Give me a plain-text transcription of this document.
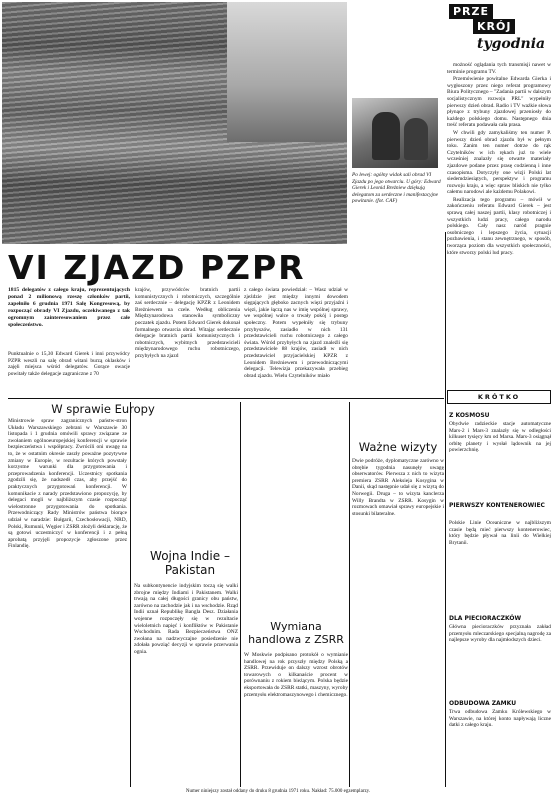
Po lewej: ogólny widok sali obrad VI Zjazdu po jego otwarciu. U góry: Edward Gierek i Leonid Breżniew dziękują delegatom za serdeczne i manifestacyjne powitanie. (fot. CAF)
PRZE
KRÓJ
tygodnia

możność oglądania tych transmisji nawet w terminie programu TV.

Przemówienie powitalne Edwarda Gierka i wygłoszony przez niego referat programowy Biura Politycznego – "Zadania partii w dalszym socjalistycznym rozwoju PRL" wypełniły pierwszy dzień obrad. Radio i TV ważkie słowa płynące z trybuny zjazdowej przeniosły do każdego polskiego domu. Następnego dnia treść referatu podawała cała prasa.

W chwili gdy zamykaliśmy ten numer P. pierwszy dzień obrad zjazdu był w pełnym toku. Zanim ten numer dotrze do rąk Czytelników w ich rękach już to wiele wcześniej znalazły się otwarte materiały zjazdowe podane przez prasę codzienną i inne czasopisma. Dotyczyły one wizji Polski lat siedemdziesiątych, perspektyw i programu rozwoju kraju, a więc spraw bliskich nie tylko całemu narodowi ale każdemu Polakowi.

Realizacja tego programu – mówił w zakończeniu referatu Edward Gierek – jest sprawą całej naszej partii, klasy robotniczej i wszystkich ludzi pracy, całego narodu polskiego. Cały nasz naród pragnie osobniczego i lepszego życia, sytuacji pozbawienia, i stanu zewnętrznego, w sposób, tworząca poziom dla wszystkich społeczności, które stworzy polski lud pracy.

VI ZJAZD PZPR
1815 delegatów z całego kraju, reprezentujących ponad 2 milionową rzeszę członków partii, zapełniło 6 grudnia 1971 Salę Kongresową, by rozpocząć obrady VI Zjazdu, oczekiwanego z tak ogromnym zainteresowaniem przez całe społeczeństwo.
Punktualnie o 15,30 Edward Gierek i inni przywódcy PZPR weszli na salę obrad witani burzą oklasków i zajęli miejsca wśród delegatów. Gorące owacje powitały także delegacje zagraniczne z 70
krajów, przywódców bratnich partii komunistycznych i robotniczych, szczególnie zaś serdecznie – delegację KPZR z Leonidem Breżniewem na czele. Według obliczenia Międzynarodowa stanowiła symboliczny poczatek zjazdu. Potem Edward Gierek dokonał formalnego otwarcia obrad. Witając serdecznie delegacje bratnich partii komunistycznych i robotniczych, wybitnych przedstawicieli międzynarodowego ruchu robotniczego, przybyłych na zjazd
z całego świata powiedział: – Wasz udział w zjeździe jest między innymi dowodem sięgających głęboko zacnych więzi przyjaźni i więzi, jakie łączą nas w imię wspólnej sprawy, we wspólnej walce o trwały pokój i postęp społeczny. Potem wypełniły się trybuny przybyszów, zasiadło w nich 131 przedstawicieli ruchu robotniczego z całego świata. Wśród przybyłych na zjazd znaleźli się przedstawiciele 88 krajów, zasiadł w nich przedstawiciel przyjacielskiej KPZR z Leonidem Breżniewem i przewodniczącymi delegacji. Telewizja przekazywała przebieg obrad zjazdu. Wielu Czytelników miało
KRÓTKO
W sprawie Europy
Ministrowie spraw zagranicznych państw-stron Układu Warszawskiego zebrani w Warszawie 30 listopada i 1 grudnia omówili sprawy związane ze zwołaniem ogólnoeuropejskiej konferencji w sprawie bezpieczeństwa i współpracy. Zwrócili oni uwagę na to, że w ostatnim okresie zaszły poważne pozytywne zmiany w Europie, w rezultacie których powstały korzystne warunki dla przygotowania i przeprowadzenia konferencji. Uczestnicy spotkania zgodzili się, że nadszedł czas, aby przejść do praktycznych przygotowań konferencji. W komunikacie z narady przedstawiono propozycję, by delegaci mogli w najbliższym czasie rozpocząć wielostronne przygotowania do spotkania. Przewodniczący Rady Ministrów państwa biorące udział w naradzie: Bułgarii, Czechosłowacji, NRD, Polski, Rumunii, Węgier i ZSRR złożyli deklarację, że są gotowi uczestniczyć w konferencji i z pełną aprobatą przyjęli propozycje zgłoszone przez Finlandię.
Wojna Indie – Pakistan
Na subkontynencie indyjskim toczą się walki zbrojne między Indiami i Pakistanem. Walki trwają na całej długości granicy obu państw, zarówno na zachodzie jak i na wschodzie. Rząd Indii uznał Republikę Bangla Desz. Działania wojenne rozpoczęły się w rezultacie wieloletnich napięć i konfliktów w Pakistanie Wschodnim. Rada Bezpieczeństwa ONZ zwołana na nadzwyczajne posiedzenie nie zdołała powziąć decyzji w sprawie przerwania ognia.
Ważne wizyty
Dwie podróże, dyplomatyczne zarówno w obrębie tygodnia nasunęły uwagę obserwatorów. Pierwsza z nich to wizyta premiera ZSRR Aleksieja Kosygina w Danii, skąd następnie udał się z wizytą do Norwegii. Druga – to wizyta kanclerza Willy Brandta w ZSRR. Kosygin w rozmowach omawiał sprawy europejskie i stosunki bilateralne.
Wymiana handlowa z ZSRR
W Moskwie podpisano protokół o wymianie handlowej na rok przyszły między Polską a ZSRR. Przewiduje on dalszy wzrost obrotów towarowych o kilkanaście procent w porównaniu z rokiem bieżącym. Polska będzie eksportowała do ZSRR statki, maszyny, wyroby przemysłu elektromaszynowego i chemicznego.
Z KOSMOSU
Obydwie radzieckie stacje automatyczne Mars-2 i Mars-3 znalazły się w odległości kilkuset tysięcy km od Marsa. Mars-3 osiągnął orbitę planety i wysłał lądownik na jej powierzchnię.
PIERWSZY KONTENEROWIEC
Polskie Linie Oceaniczne w najbliższym czasie będą mieć pierwszy kontenerowiec, który będzie pływał na linii do Wielkiej Brytanii.
DLA PIECIORACZKÓW
Główna piecioraczków przyznała zakład przemysłu mleczarskiego specjalną nagrodę za najlepsze wyroby dla najmłodszych dzieci.
ODBUDOWA ZAMKU
Trwa odbudowa Zamku Królewskiego w Warszawie, na której konto napływają liczne datki z całego kraju.
Numer niniejszy został oddany do druku 8 grudnia 1971 roku. Nakład: 75.000 egzemplarzy.
